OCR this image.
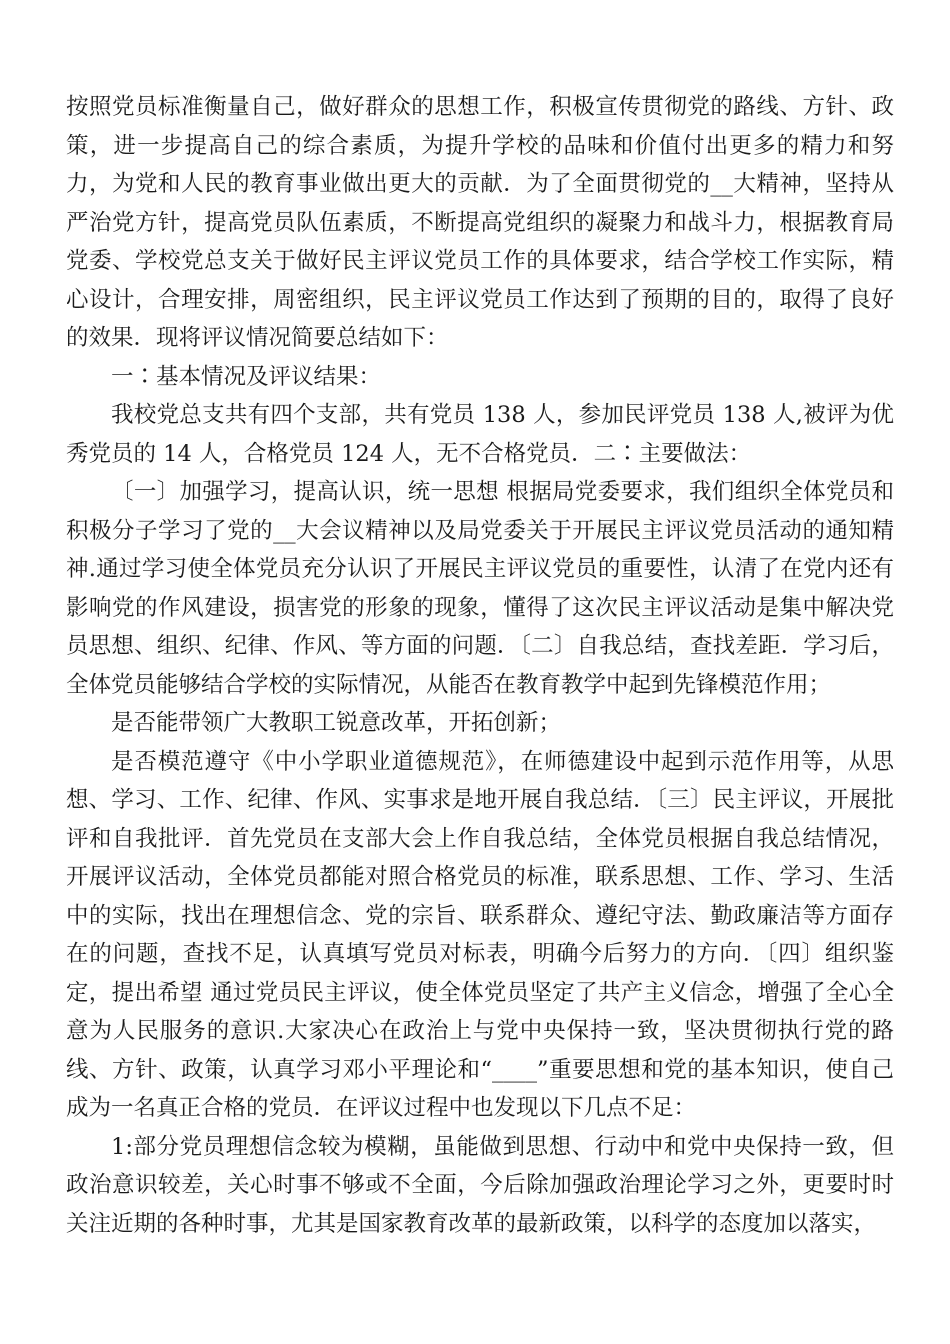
按照党员标准衡量自己，做好群众的思想工作，积极宣传贯彻党的路线、方针、政策，进一步提高自己的综合素质，为提升学校的品味和价值付出更多的精力和努力，为党和人民的教育事业做出更大的贡献．为了全面贯彻党的__大精神，坚持从严治党方针，提高党员队伍素质，不断提高党组织的凝聚力和战斗力，根据教育局党委、学校党总支关于做好民主评议党员工作的具体要求，结合学校工作实际，精心设计，合理安排，周密组织，民主评议党员工作达到了预期的目的，取得了良好的效果．现将评议情况简要总结如下：

一∶基本情况及评议结果：

我校党总支共有四个支部，共有党员 138 人，参加民评党员 138 人,被评为优秀党员的 14 人，合格党员 124 人，无不合格党员．二∶主要做法：

〔一〕加强学习，提高认识，统一思想 根据局党委要求，我们组织全体党员和积极分子学习了党的__大会议精神以及局党委关于开展民主评议党员活动的通知精神.通过学习使全体党员充分认识了开展民主评议党员的重要性，认清了在党内还有影响党的作风建设，损害党的形象的现象，懂得了这次民主评议活动是集中解决党员思想、组织、纪律、作风、等方面的问题．〔二〕自我总结，查找差距．学习后，全体党员能够结合学校的实际情况，从能否在教育教学中起到先锋模范作用；

是否能带领广大教职工锐意改革，开拓创新；

是否模范遵守《中小学职业道德规范》，在师德建设中起到示范作用等，从思想、学习、工作、纪律、作风、实事求是地开展自我总结．〔三〕民主评议，开展批评和自我批评．首先党员在支部大会上作自我总结，全体党员根据自我总结情况，开展评议活动，全体党员都能对照合格党员的标准，联系思想、工作、学习、生活中的实际，找出在理想信念、党的宗旨、联系群众、遵纪守法、勤政廉洁等方面存在的问题，查找不足，认真填写党员对标表，明确今后努力的方向．〔四〕组织鉴定，提出希望 通过党员民主评议，使全体党员坚定了共产主义信念，增强了全心全意为人民服务的意识.大家决心在政治上与党中央保持一致，坚决贯彻执行党的路线、方针、政策，认真学习邓小平理论和“____”重要思想和党的基本知识，使自己成为一名真正合格的党员．在评议过程中也发现以下几点不足：

1:部分党员理想信念较为模糊，虽能做到思想、行动中和党中央保持一致，但政治意识较差，关心时事不够或不全面，今后除加强政治理论学习之外，更要时时关注近期的各种时事，尤其是国家教育改革的最新政策，以科学的态度加以落实，
